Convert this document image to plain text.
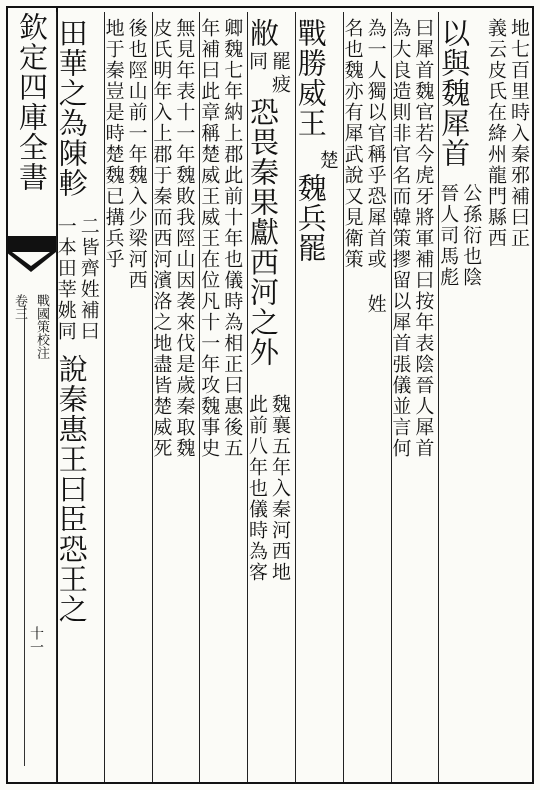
欽定四庫全書
卷三 戰國策校注
十一
地七百里時入秦邪補曰正
義云皮氏在絳州龍門縣西
以與魏犀首
公孫衍也陰
晉人司馬彪
曰犀首魏官若今虎牙將軍補曰按年表陰晉人犀首
為大良造則非官名而韓策摎留以犀首張儀並言何
為一人獨以官稱乎恐犀首或
名也魏亦有犀武說又見衛策
姓
戰勝威王
楚
魏兵罷
敝
罷
同
疲
恐畏秦果獻西河之外
魏襄五年入秦河西地
此前八年也儀時為客
卿魏七年納上郡此前十年也儀時為相正曰惠後五
年補曰此章稱楚威王威王在位凡十一年攻魏事史
無見年表十一年魏敗我陘山因袭來伐是歲秦取魏
皮氏明年入上郡于秦而西河濱洛之地盡皆楚威死
後也陘山前一年魏入少梁河西
地于秦豈是時楚魏已搆兵乎
田華之為陳軫
二皆齊姓補曰
一本田莘姚同
說秦惠王曰臣恐王之
